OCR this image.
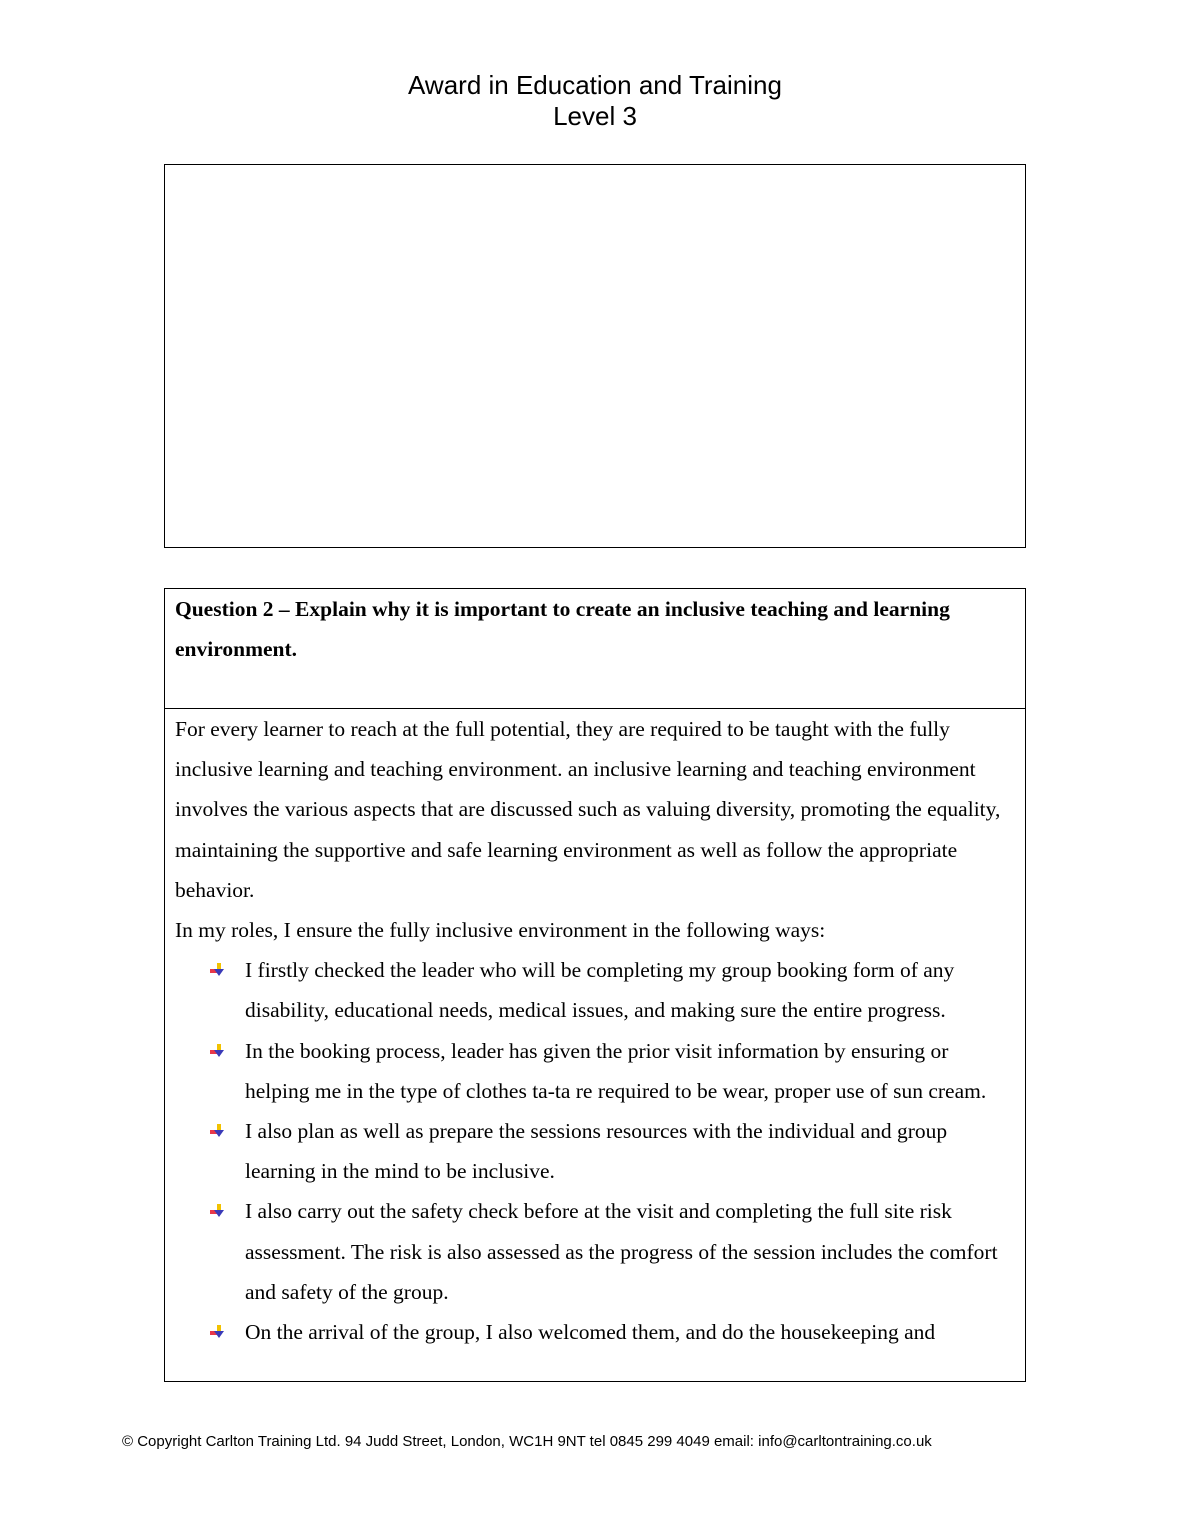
Award in Education and Training
Level 3
Question 2 – Explain why it is important to create an inclusive teaching and learning environment.

For every learner to reach at the full potential, they are required to be taught with the fully inclusive learning and teaching environment. an inclusive learning and teaching environment involves the various aspects that are discussed such as valuing diversity, promoting the equality, maintaining the supportive and safe learning environment as well as follow the appropriate behavior.

In my roles, I ensure the fully inclusive environment in the following ways:

I firstly checked the leader who will be completing my group booking form of any disability, educational needs, medical issues, and making sure the entire progress.
In the booking process, leader has given the prior visit information by ensuring or helping me in the type of clothes ta-ta re required to be wear, proper use of sun cream.
I also plan as well as prepare the sessions resources with the individual and group learning in the mind to be inclusive.
I also carry out the safety check before at the visit and completing the full site risk assessment. The risk is also assessed as the progress of the session includes the comfort and safety of the group.
On the arrival of the group, I also welcomed them, and do the housekeeping and
© Copyright Carlton Training Ltd. 94 Judd Street, London, WC1H 9NT tel 0845 299 4049 email: info@carltontraining.co.uk
